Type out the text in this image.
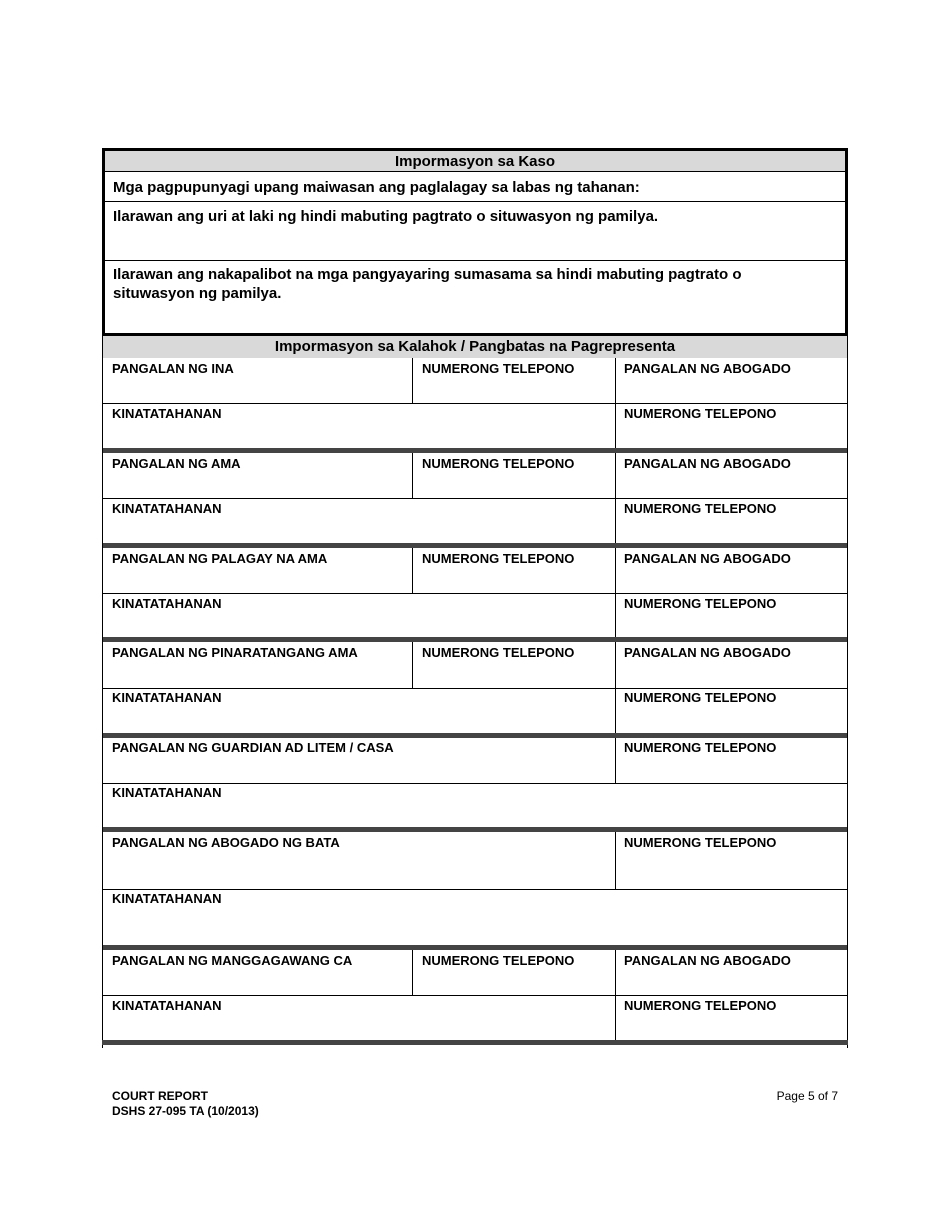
Impormasyon sa Kaso
Mga pagpupunyagi upang maiwasan ang paglalagay sa labas ng tahanan:
Ilarawan ang uri at laki ng hindi mabuting pagtrato o situwasyon ng pamilya.
Ilarawan ang nakapalibot na mga pangyayaring sumasama sa hindi mabuting pagtrato o situwasyon ng pamilya.
Impormasyon sa Kalahok / Pangbatas na Pagrepresenta
PANGALAN NG INA	NUMERONG TELEPONO	PANGALAN NG ABOGADO
KINATATAHANAN	NUMERONG TELEPONO
PANGALAN NG AMA	NUMERONG TELEPONO	PANGALAN NG ABOGADO
KINATATAHANAN	NUMERONG TELEPONO
PANGALAN NG PALAGAY NA AMA	NUMERONG TELEPONO	PANGALAN NG ABOGADO
KINATATAHANAN	NUMERONG TELEPONO
PANGALAN NG PINARATANGANG AMA	NUMERONG TELEPONO	PANGALAN NG ABOGADO
KINATATAHANAN	NUMERONG TELEPONO
PANGALAN NG GUARDIAN AD LITEM / CASA	NUMERONG TELEPONO
KINATATAHANAN
PANGALAN NG ABOGADO NG BATA	NUMERONG TELEPONO
KINATATAHANAN
PANGALAN NG MANGGAGAWANG CA	NUMERONG TELEPONO	PANGALAN NG ABOGADO
KINATATAHANAN	NUMERONG TELEPONO
COURT REPORT
DSHS 27-095 TA (10/2013)
Page 5 of 7
